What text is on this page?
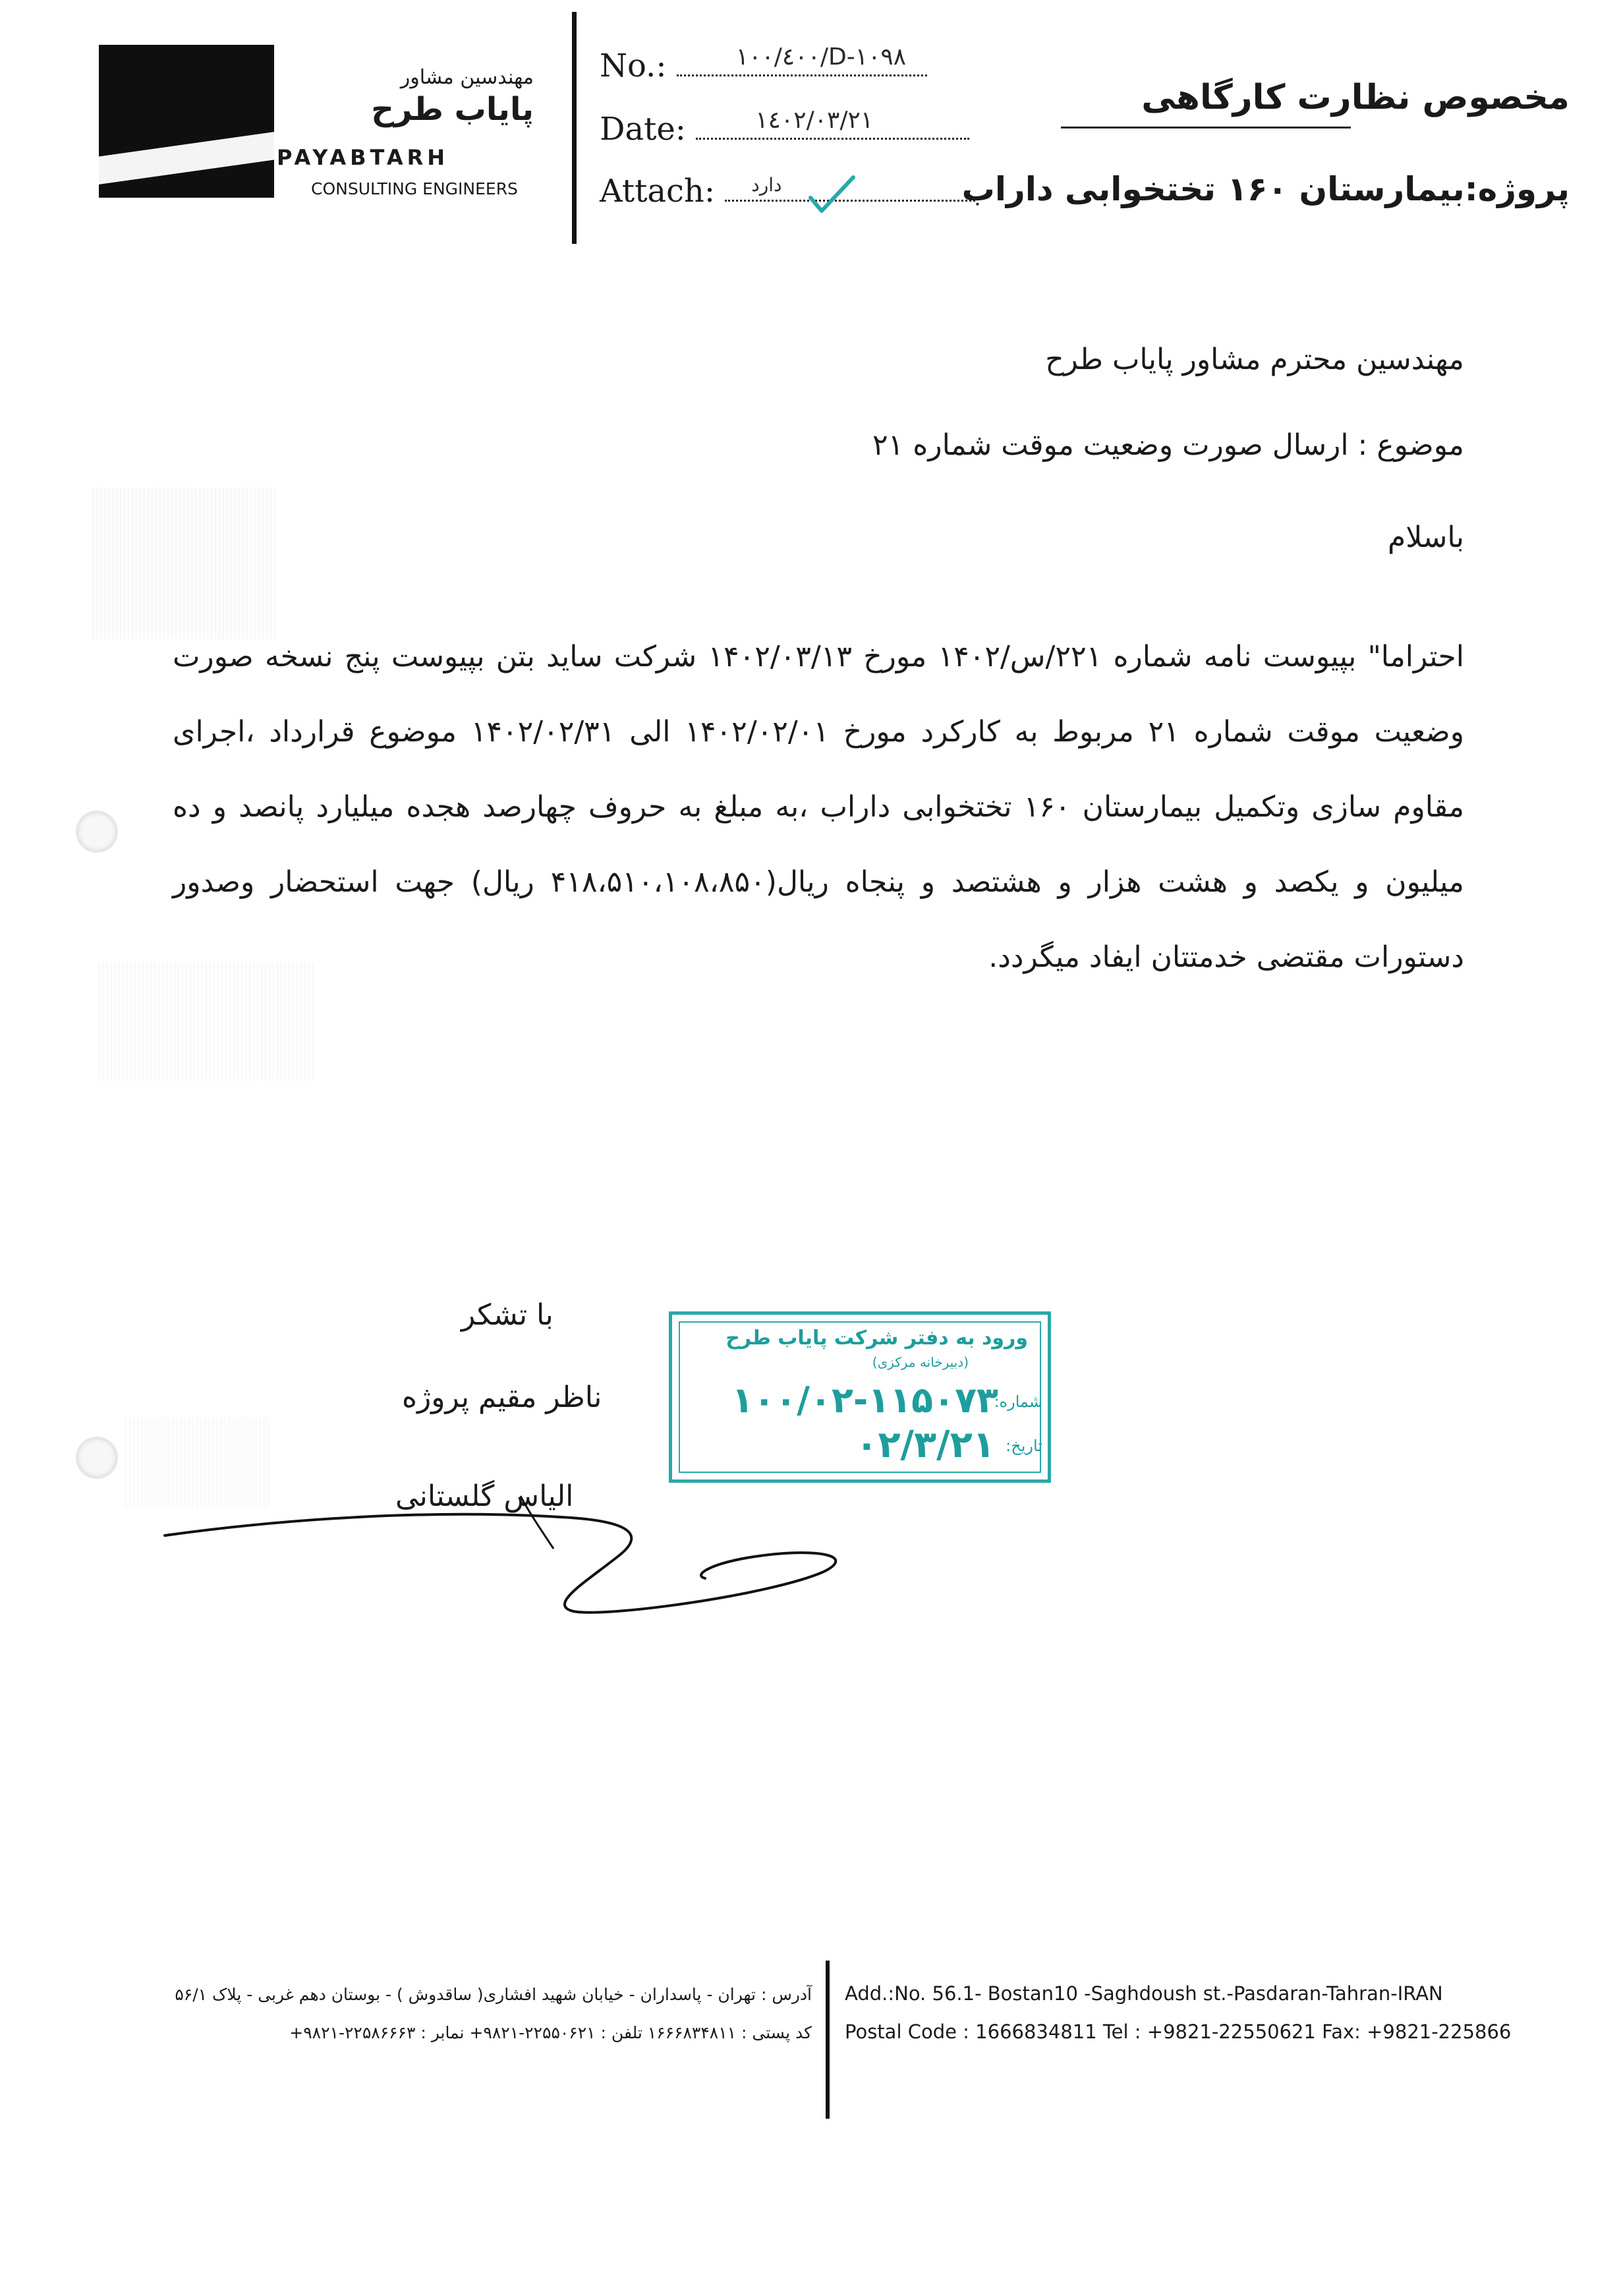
مهندسین مشاور
پایاب طرح
PAYABTARH
CONSULTING ENGINEERS
No.:	۱۰۰/٤۰۰/D-۱۰۹۸
Date:	۱٤۰۲/۰۳/۲۱
Attach: دارد
مخصوص نظارت کارگاهی
پروژه:بیمارستان ۱۶۰ تختخوابی داراب
مهندسین محترم مشاور پایاب طرح
موضوع : ارسال صورت وضعیت موقت شماره ۲۱
باسلام
احتراما" بپیوست نامه شماره ۲۲۱/س/۱۴۰۲ مورخ ۱۴۰۲/۰۳/۱۳ شرکت ساید بتن بپیوست پنج نسخه صورت وضعیت موقت شماره ۲۱ مربوط به کارکرد مورخ ۱۴۰۲/۰۲/۰۱ الی ۱۴۰۲/۰۲/۳۱ موضوع قرارداد ،اجرای مقاوم سازی وتکمیل بیمارستان ۱۶۰ تختخوابی داراب ،به مبلغ به حروف چهارصد هجده میلیارد پانصد و ده میلیون و یکصد و هشت هزار و هشتصد و پنجاه ریال(۴۱۸،۵۱۰،۱۰۸،۸۵۰ ریال) جهت استحضار وصدور دستورات مقتضی خدمتتان ایفاد میگردد.
با تشکر
ناظر مقیم پروژه
الیاس گلستانی
ورود به دفتر شرکت پایاب طرح
(دبیرخانه مرکزی)
شماره:
۱۰۰/۰۲-۱۱۵۰۷۳
تاریخ:
۰۲/۳/۲۱
آدرس : تهران - پاسداران - خیابان شهید افشاری( ساقدوش ) - بوستان دهم غربی - پلاک ۵۶/۱
کد پستی : ۱۶۶۶۸۳۴۸۱۱ تلفن : ۲۲۵۵۰۶۲۱-۹۸۲۱+ نمابر : ۲۲۵۸۶۶۶۳-۹۸۲۱+
Add.:No. 56.1- Bostan10 -Saghdoush st.-Pasdaran-Tahran-IRAN
Postal Code : 1666834811 Tel : +9821-22550621 Fax: +9821-225866
